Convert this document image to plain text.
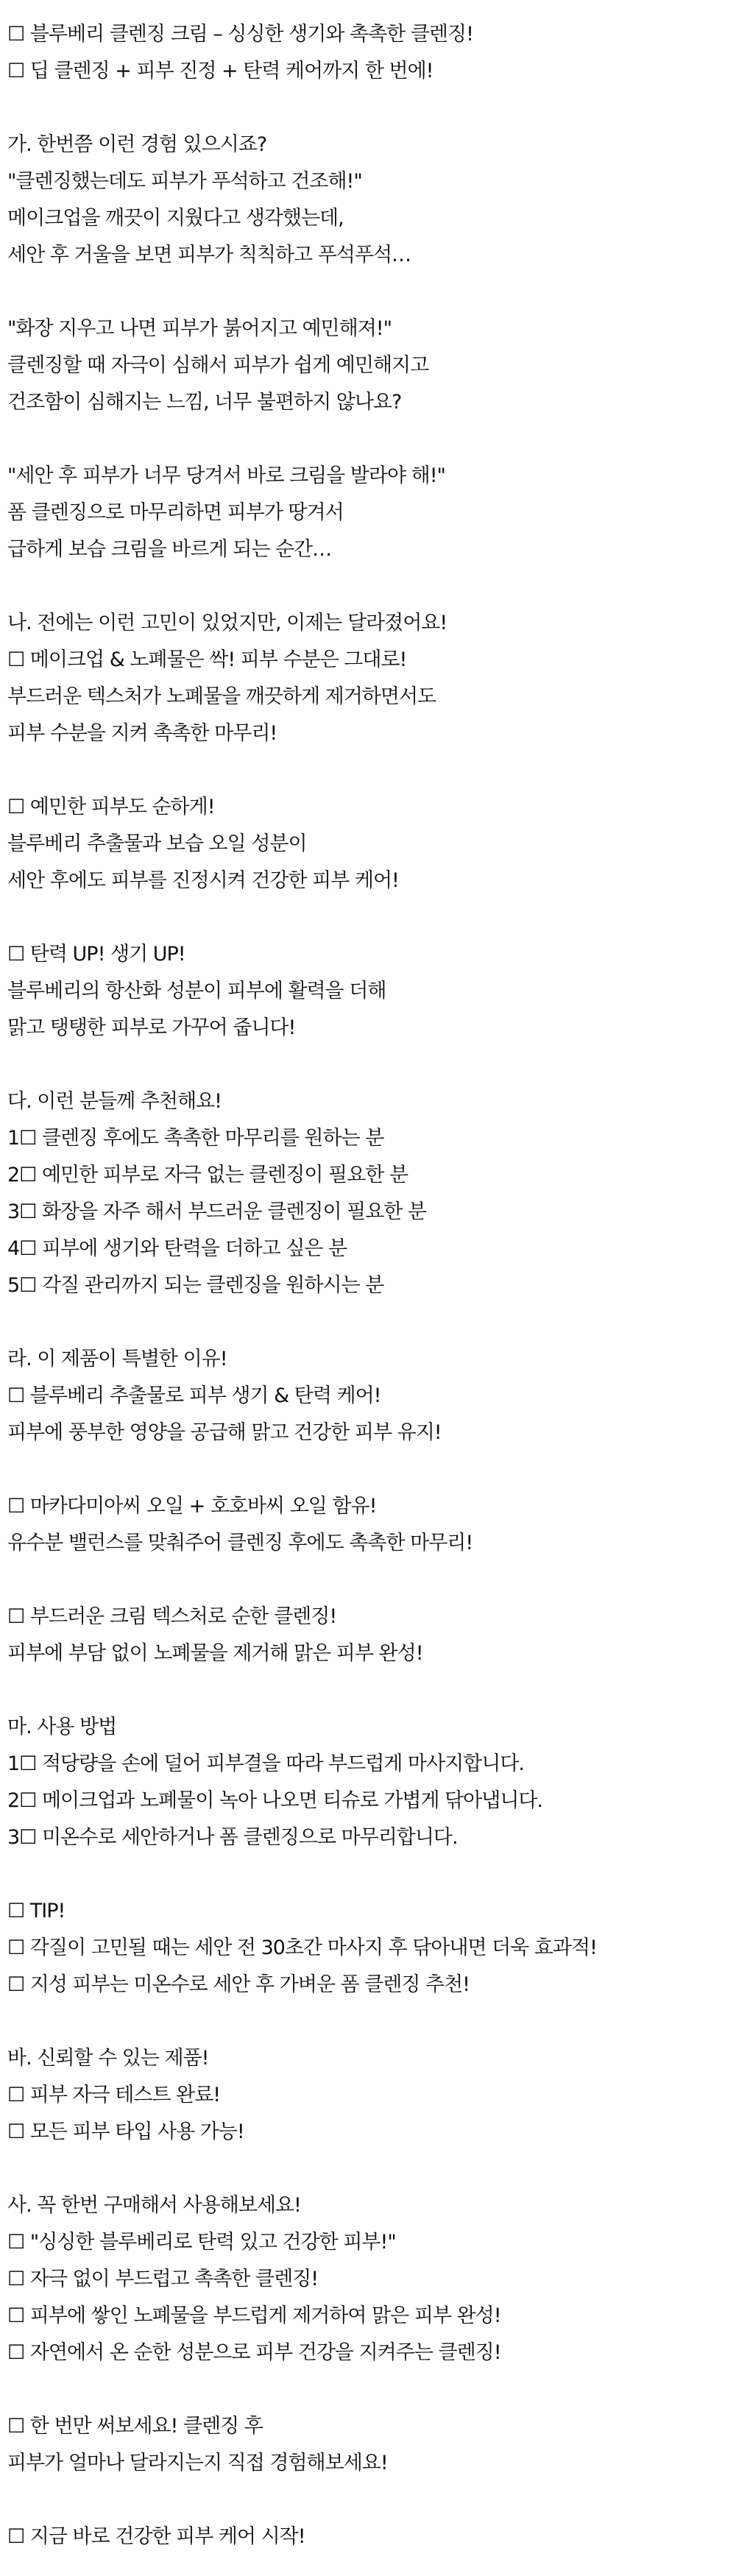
☐ 블루베리 클렌징 크림 – 싱싱한 생기와 촉촉한 클렌징!
☐ 딥 클렌징 + 피부 진정 + 탄력 케어까지 한 번에!
가. 한번쯤 이런 경험 있으시죠?
"클렌징했는데도 피부가 푸석하고 건조해!"
메이크업을 깨끗이 지웠다고 생각했는데,
세안 후 거울을 보면 피부가 칙칙하고 푸석푸석…
"화장 지우고 나면 피부가 붉어지고 예민해져!"
클렌징할 때 자극이 심해서 피부가 쉽게 예민해지고
건조함이 심해지는 느낌, 너무 불편하지 않나요?
"세안 후 피부가 너무 당겨서 바로 크림을 발라야 해!"
폼 클렌징으로 마무리하면 피부가 땅겨서
급하게 보습 크림을 바르게 되는 순간…
나. 전에는 이런 고민이 있었지만, 이제는 달라졌어요!
☐ 메이크업 & 노폐물은 싹! 피부 수분은 그대로!
부드러운 텍스처가 노폐물을 깨끗하게 제거하면서도
피부 수분을 지켜 촉촉한 마무리!
☐ 예민한 피부도 순하게!
블루베리 추출물과 보습 오일 성분이
세안 후에도 피부를 진정시켜 건강한 피부 케어!
☐ 탄력 UP! 생기 UP!
블루베리의 항산화 성분이 피부에 활력을 더해
맑고 탱탱한 피부로 가꾸어 줍니다!
다. 이런 분들께 추천해요!
1☐ 클렌징 후에도 촉촉한 마무리를 원하는 분
2☐ 예민한 피부로 자극 없는 클렌징이 필요한 분
3☐ 화장을 자주 해서 부드러운 클렌징이 필요한 분
4☐ 피부에 생기와 탄력을 더하고 싶은 분
5☐ 각질 관리까지 되는 클렌징을 원하시는 분
라. 이 제품이 특별한 이유!
☐ 블루베리 추출물로 피부 생기 & 탄력 케어!
피부에 풍부한 영양을 공급해 맑고 건강한 피부 유지!
☐ 마카다미아씨 오일 + 호호바씨 오일 함유!
유수분 밸런스를 맞춰주어 클렌징 후에도 촉촉한 마무리!
☐ 부드러운 크림 텍스처로 순한 클렌징!
피부에 부담 없이 노폐물을 제거해 맑은 피부 완성!
마. 사용 방법
1☐ 적당량을 손에 덜어 피부결을 따라 부드럽게 마사지합니다.
2☐ 메이크업과 노폐물이 녹아 나오면 티슈로 가볍게 닦아냅니다.
3☐ 미온수로 세안하거나 폼 클렌징으로 마무리합니다.
☐ TIP!
☐ 각질이 고민될 때는 세안 전 30초간 마사지 후 닦아내면 더욱 효과적!
☐ 지성 피부는 미온수로 세안 후 가벼운 폼 클렌징 추천!
바. 신뢰할 수 있는 제품!
☐ 피부 자극 테스트 완료!
☐ 모든 피부 타입 사용 가능!
사. 꼭 한번 구매해서 사용해보세요!
☐ "싱싱한 블루베리로 탄력 있고 건강한 피부!"
☐ 자극 없이 부드럽고 촉촉한 클렌징!
☐ 피부에 쌓인 노폐물을 부드럽게 제거하여 맑은 피부 완성!
☐ 자연에서 온 순한 성분으로 피부 건강을 지켜주는 클렌징!
☐ 한 번만 써보세요! 클렌징 후
피부가 얼마나 달라지는지 직접 경험해보세요!
☐ 지금 바로 건강한 피부 케어 시작!
